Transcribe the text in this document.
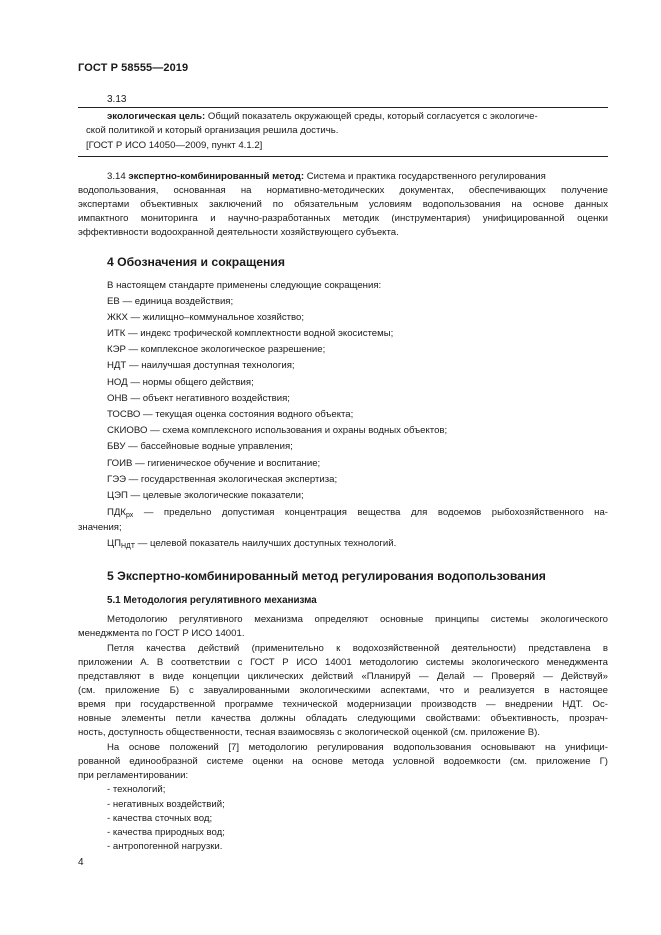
ГОСТ Р 58555—2019
3.13
экологическая цель: Общий показатель окружающей среды, который согласуется с экологиче-
ской политикой и который организация решила достичь.
[ГОСТ Р ИСО 14050—2009, пункт 4.1.2]
3.14 экспертно-комбинированный метод: Система и практика государственного регулирования
водопользования, основанная на нормативно-методических документах, обеспечивающих получение
экспертами объективных заключений по обязательным условиям водопользования на основе данных
импактного мониторинга и научно-разработанных методик (инструментария) унифицированной оценки
эффективности водоохранной деятельности хозяйствующего субъекта.
4 Обозначения и сокращения
В настоящем стандарте применены следующие сокращения:
ЕВ — единица воздействия;
ЖКХ — жилищно–коммунальное хозяйство;
ИТК — индекс трофической комплектности водной экосистемы;
КЭР — комплексное экологическое разрешение;
НДТ — наилучшая доступная технология;
НОД — нормы общего действия;
ОНВ — объект негативного воздействия;
ТОСВО — текущая оценка состояния водного объекта;
СКИОВО — схема комплексного использования и охраны водных объектов;
БВУ — бассейновые водные управления;
ГОИВ — гигиеническое обучение и воспитание;
ГЭЭ — государственная экологическая экспертиза;
ЦЭП — целевые экологические показатели;
$ПДК_{рх}$ — предельно допустимая концентрация вещества для водоемов рыбохозяйственного на-
значения;
$ЦП_{НДТ}$ — целевой показатель наилучших доступных технологий.
5 Экспертно-комбинированный метод регулирования водопользования
5.1 Методология регулятивного механизма
Методологию регулятивного механизма определяют основные принципы системы экологического
менеджмента по ГОСТ Р ИСО 14001.
Петля качества действий (применительно к водохозяйственной деятельности) представлена в
приложении А. В соответствии с ГОСТ Р ИСО 14001 методологию системы экологического менеджмента
представляют в виде концепции циклических действий «Планируй — Делай — Проверяй — Действуй»
(см. приложение Б) с завуалированными экологическими аспектами, что и реализуется в настоящее
время при государственной программе технической модернизации производств — внедрении НДТ. Ос-
новные элементы петли качества должны обладать следующими свойствами: объективность, прозрач-
ность, доступность общественности, тесная взаимосвязь с экологической оценкой (см. приложение В).
На основе положений [7] методологию регулирования водопользования основывают на унифици-
рованной единообразной системе оценки на основе метода условной водоемкости (см. приложение Г)
при регламентировании:
- технологий;
- негативных воздействий;
- качества сточных вод;
- качества природных вод;
- антропогенной нагрузки.
4
